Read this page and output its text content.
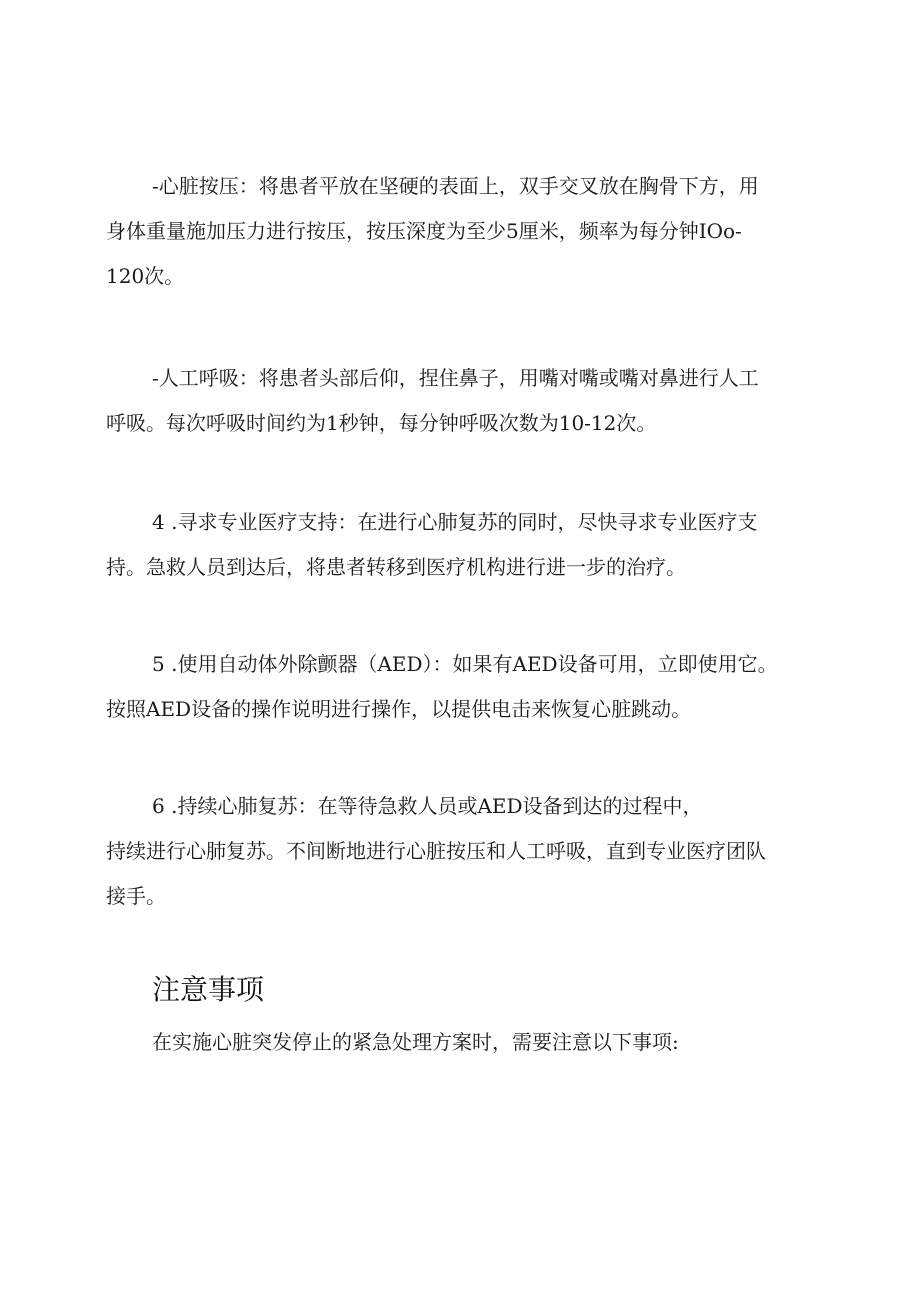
-心脏按压：将患者平放在坚硬的表面上，双手交叉放在胸骨下方，用
身体重量施加压力进行按压，按压深度为至少5厘米，频率为每分钟IOo-
120次。
-人工呼吸：将患者头部后仰，捏住鼻子，用嘴对嘴或嘴对鼻进行人工
呼吸。每次呼吸时间约为1秒钟，每分钟呼吸次数为10-12次。
4 .寻求专业医疗支持：在进行心肺复苏的同时，尽快寻求专业医疗支
持。急救人员到达后，将患者转移到医疗机构进行进一步的治疗。
5 .使用自动体外除颤器（AED）：如果有AED设备可用，立即使用它。
按照AED设备的操作说明进行操作，以提供电击来恢复心脏跳动。
6 .持续心肺复苏：在等待急救人员或AED设备到达的过程中，
持续进行心肺复苏。不间断地进行心脏按压和人工呼吸，直到专业医疗团队
接手。
注意事项
在实施心脏突发停止的紧急处理方案时，需要注意以下事项:
